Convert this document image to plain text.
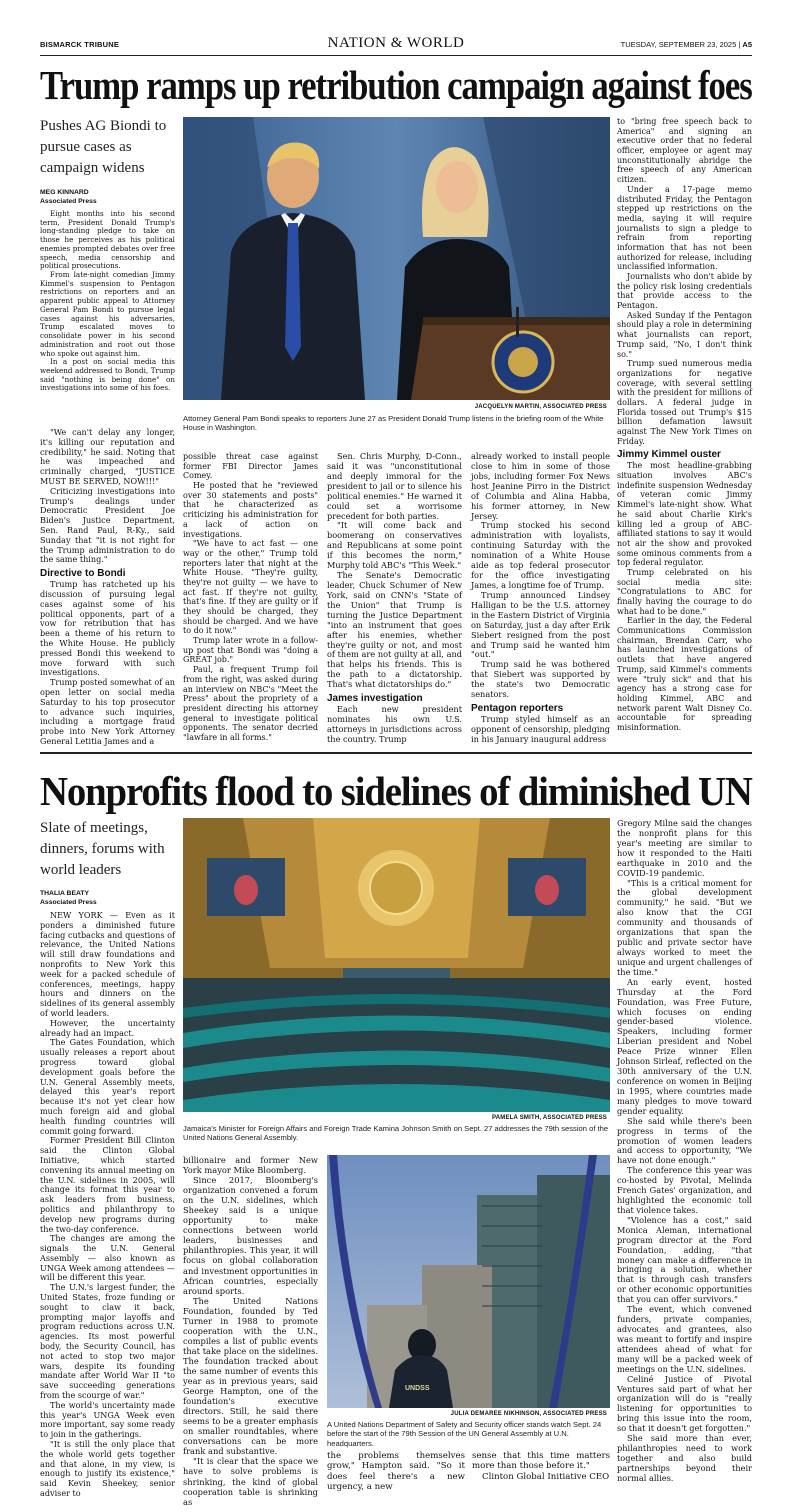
BISMARCK TRIBUNE	NATION & WORLD	TUESDAY, SEPTEMBER 23, 2025 | A5
Trump ramps up retribution campaign against foes
Pushes AG Biondi to pursue cases as campaign widens
MEG KINNARD
Associated Press

Eight months into his second term, President Donald Trump's long-standing pledge to take on those he perceives as his political enemies prompted debates over free speech, media censorship and political prosecutions.

From late-night comedian Jimmy Kimmel's suspension to Pentagon restrictions on reporters and an apparent public appeal to Attorney General Pam Bondi to pursue legal cases against his adversaries, Trump escalated moves to consolidate power in his second administration and root out those who spoke out against him.

In a post on social media this weekend addressed to Bondi, Trump said "nothing is being done" on investigations into some of his foes.

JACQUELYN MARTIN, ASSOCIATED PRESS
Attorney General Pam Bondi speaks to reporters June 27 as President Donald Trump listens in the briefing room of the White House in Washington.

"We can't delay any longer, it's killing our reputation and credibility," he said. Noting that he was impeached and criminally charged, "JUSTICE MUST BE SERVED, NOW!!!"

Criticizing investigations into Trump's dealings under Democratic President Joe Biden's Justice Department, Sen. Rand Paul, R-Ky., said Sunday that "it is not right for the Trump administration to do the same thing."

Directive to Bondi

Trump has ratcheted up his discussion of pursuing legal cases against some of his political opponents, part of a vow for retribution that has been a theme of his return to the White House. He publicly pressed Bondi this weekend to move forward with such investigations.

Trump posted somewhat of an open letter on social media Saturday to his top prosecutor to advance such inquiries, including a mortgage fraud probe into New York Attorney General Letitia James and a

possible threat case against former FBI Director James Comey.

He posted that he "reviewed over 30 statements and posts" that he characterized as criticizing his administration for a lack of action on investigations.

"We have to act fast — one way or the other," Trump told reporters later that night at the White House. "They're guilty, they're not guilty — we have to act fast. If they're not guilty, that's fine. If they are guilty or if they should be charged, they should be charged. And we have to do it now."

Trump later wrote in a follow-up post that Bondi was "doing a GREAT job."

Paul, a frequent Trump foil from the right, was asked during an interview on NBC's "Meet the Press" about the propriety of a president directing his attorney general to investigate political opponents. The senator decried "lawfare in all forms."

Sen. Chris Murphy, D-Conn., said it was "unconstitutional and deeply immoral for the president to jail or to silence his political enemies." He warned it could set a worrisome precedent for both parties.

"It will come back and boomerang on conservatives and Republicans at some point if this becomes the norm," Murphy told ABC's "This Week."

The Senate's Democratic leader, Chuck Schumer of New York, said on CNN's "State of the Union" that Trump is turning the Justice Department "into an instrument that goes after his enemies, whether they're guilty or not, and most of them are not guilty at all, and that helps his friends. This is the path to a dictatorship. That's what dictatorships do."

James investigation

Each new president nominates his own U.S. attorneys in jurisdictions across the country. Trump

already worked to install people close to him in some of those jobs, including former Fox News host Jeanine Pirro in the District of Columbia and Alina Habba, his former attorney, in New Jersey.

Trump stocked his second administration with loyalists, continuing Saturday with the nomination of a White House aide as top federal prosecutor for the office investigating James, a longtime foe of Trump.

Trump announced Lindsey Halligan to be the U.S. attorney in the Eastern District of Virginia on Saturday, just a day after Erik Siebert resigned from the post and Trump said he wanted him "out."

Trump said he was bothered that Siebert was supported by the state's two Democratic senators.

Pentagon reporters

Trump styled himself as an opponent of censorship, pledging in his January inaugural address

to "bring free speech back to America" and signing an executive order that no federal officer, employee or agent may unconstitutionally abridge the free speech of any American citizen.

Under a 17-page memo distributed Friday, the Pentagon stepped up restrictions on the media, saying it will require journalists to sign a pledge to refrain from reporting information that has not been authorized for release, including unclassified information.

Journalists who don't abide by the policy risk losing credentials that provide access to the Pentagon.

Asked Sunday if the Pentagon should play a role in determining what journalists can report, Trump said, "No, I don't think so."

Trump sued numerous media organizations for negative coverage, with several settling with the president for millions of dollars. A federal judge in Florida tossed out Trump's $15 billion defamation lawsuit against The New York Times on Friday.

Jimmy Kimmel ouster

The most headline-grabbing situation involves ABC's indefinite suspension Wednesday of veteran comic Jimmy Kimmel's late-night show. What he said about Charlie Kirk's killing led a group of ABC-affiliated stations to say it would not air the show and provoked some ominous comments from a top federal regulator.

Trump celebrated on his social media site: "Congratulations to ABC for finally having the courage to do what had to be done."

Earlier in the day, the Federal Communications Commission chairman, Brendan Carr, who has launched investigations of outlets that have angered Trump, said Kimmel's comments were "truly sick" and that his agency has a strong case for holding Kimmel, ABC and network parent Walt Disney Co. accountable for spreading misinformation.

Nonprofits flood to sidelines of diminished UN
Slate of meetings, dinners, forums with world leaders
THALIA BEATY
Associated Press

NEW YORK — Even as it ponders a diminished future facing cutbacks and questions of relevance, the United Nations will still draw foundations and nonprofits to New York this week for a packed schedule of conferences, meetings, happy hours and dinners on the sidelines of its general assembly of world leaders.

However, the uncertainty already had an impact.

The Gates Foundation, which usually releases a report about progress toward global development goals before the U.N. General Assembly meets, delayed this year's report because it's not yet clear how much foreign aid and global health funding countries will commit going forward.

Former President Bill Clinton said the Clinton Global Initiative, which started convening its annual meeting on the U.N. sidelines in 2005, will change its format this year to ask leaders from business, politics and philanthropy to develop new programs during the two-day conference.

The changes are among the signals the U.N. General Assembly — also known as UNGA Week among attendees — will be different this year.

The U.N.'s largest funder, the United States, froze funding or sought to claw it back, prompting major layoffs and program reductions across U.N. agencies. Its most powerful body, the Security Council, has not acted to stop two major wars, despite its founding mandate after World War II "to save succeeding generations from the scourge of war."

The world's uncertainty made this year's UNGA Week even more important, say some ready to join in the gatherings.

"It is still the only place that the whole world gets together and that alone, in my view, is enough to justify its existence," said Kevin Sheekey, senior adviser to

PAMELA SMITH, ASSOCIATED PRESS
Jamaica's Minister for Foreign Affairs and Foreign Trade Kamina Johnson Smith on Sept. 27 addresses the 79th session of the United Nations General Assembly.

billionaire and former New York mayor Mike Bloomberg.

Since 2017, Bloomberg's organization convened a forum on the U.N. sidelines, which Sheekey said is a unique opportunity to make connections between world leaders, businesses and philanthropies. This year, it will focus on global collaboration and investment opportunities in African countries, especially around sports.

The United Nations Foundation, founded by Ted Turner in 1988 to promote cooperation with the U.N., compiles a list of public events that take place on the sidelines. The foundation tracked about the same number of events this year as in previous years, said George Hampton, one of the foundation's executive directors. Still, he said there seems to be a greater emphasis on smaller roundtables, where conversations can be more frank and substantive.

"It is clear that the space we have to solve problems is shrinking, the kind of global cooperation table is shrinking as

UNDSS
JULIA DEMAREE NIKHINSON, ASSOCIATED PRESS
A United Nations Department of Safety and Security officer stands watch Sept. 24 before the start of the 79th Session of the UN General Assembly at U.N. headquarters.

the problems themselves grow," Hampton said. "So it does feel there's a new urgency, a new

sense that this time matters more than those before it."

Clinton Global Initiative CEO

Gregory Milne said the changes the nonprofit plans for this year's meeting are similar to how it responded to the Haiti earthquake in 2010 and the COVID-19 pandemic.

"This is a critical moment for the global development community," he said. "But we also know that the CGI community and thousands of organizations that span the public and private sector have always worked to meet the unique and urgent challenges of the time."

An early event, hosted Thursday at the Ford Foundation, was Free Future, which focuses on ending gender-based violence. Speakers, including former Liberian president and Nobel Peace Prize winner Ellen Johnson Sirleaf, reflected on the 30th anniversary of the U.N. conference on women in Beijing in 1995, where countries made many pledges to move toward gender equality.

She said while there's been progress in terms of the promotion of women leaders and access to opportunity, "We have not done enough."

The conference this year was co-hosted by Pivotal, Melinda French Gates' organization, and highlighted the economic toll that violence takes.

"Violence has a cost," said Monica Aleman, international program director at the Ford Foundation, adding, "that money can make a difference in bringing a solution, whether that is through cash transfers or other economic opportunities that you can offer survivors."

The event, which convened funders, private companies, advocates and grantees, also was meant to fortify and inspire attendees ahead of what for many will be a packed week of meetings on the U.N. sidelines.

Celiné Justice of Pivotal Ventures said part of what her organization will do is "really listening for opportunities to bring this issue into the room, so that it doesn't get forgotten."

She said more than ever, philanthropies need to work together and also build partnerships beyond their normal allies.
